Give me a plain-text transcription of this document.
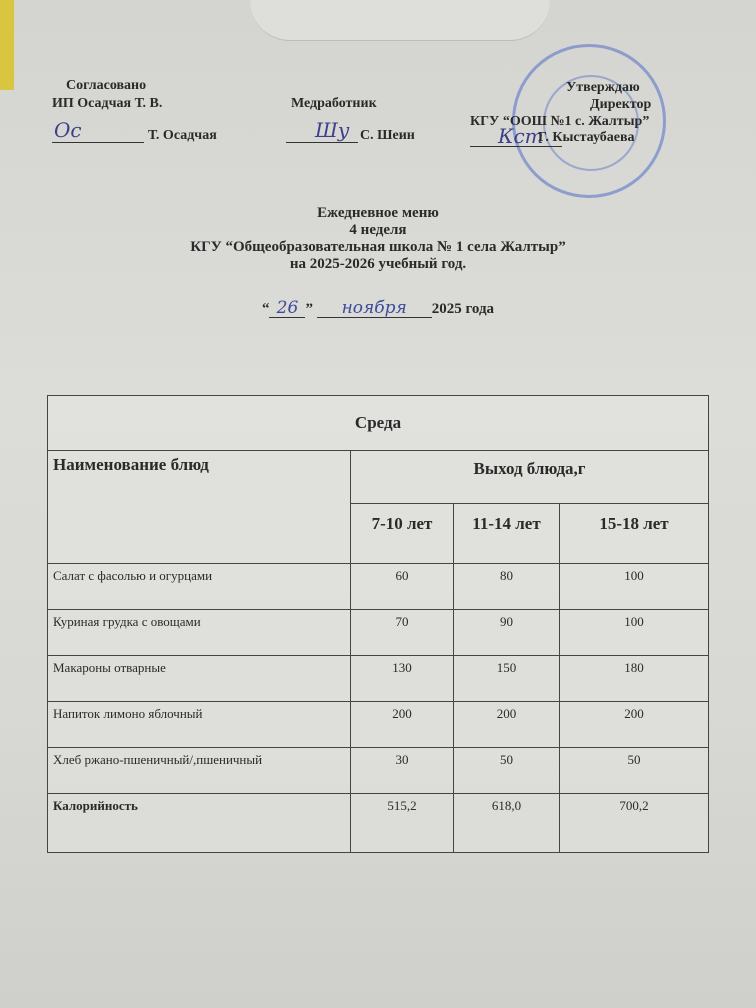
Согласовано
ИП Осадчая Т. В.
Ос	Т. Осадчая
Медработник
Шу С. Шеин
Утверждаю
Директор
КГУ “ООШ №1 с. Жалтыр”
Кст
Г. Кыстаубаева
Ежедневное меню
4 неделя
КГУ “Общеобразовательная школа № 1 села Жалтыр”
на 2025-2026 учебный год.
“ 26 ” ноября 2025 года
Среда			
Наименование блюд	Выход блюда,г		
	7-10 лет	11-14 лет	15-18 лет
Салат с фасолью и огурцами	60	80	100
Куриная грудка с овощами	70	90	100
Макароны отварные	130	150	180
Напиток лимоно яблочный	200	200	200
Хлеб ржано-пшеничный/,пшеничный	30	50	50
Калорийность	515,2	618,0	700,2
